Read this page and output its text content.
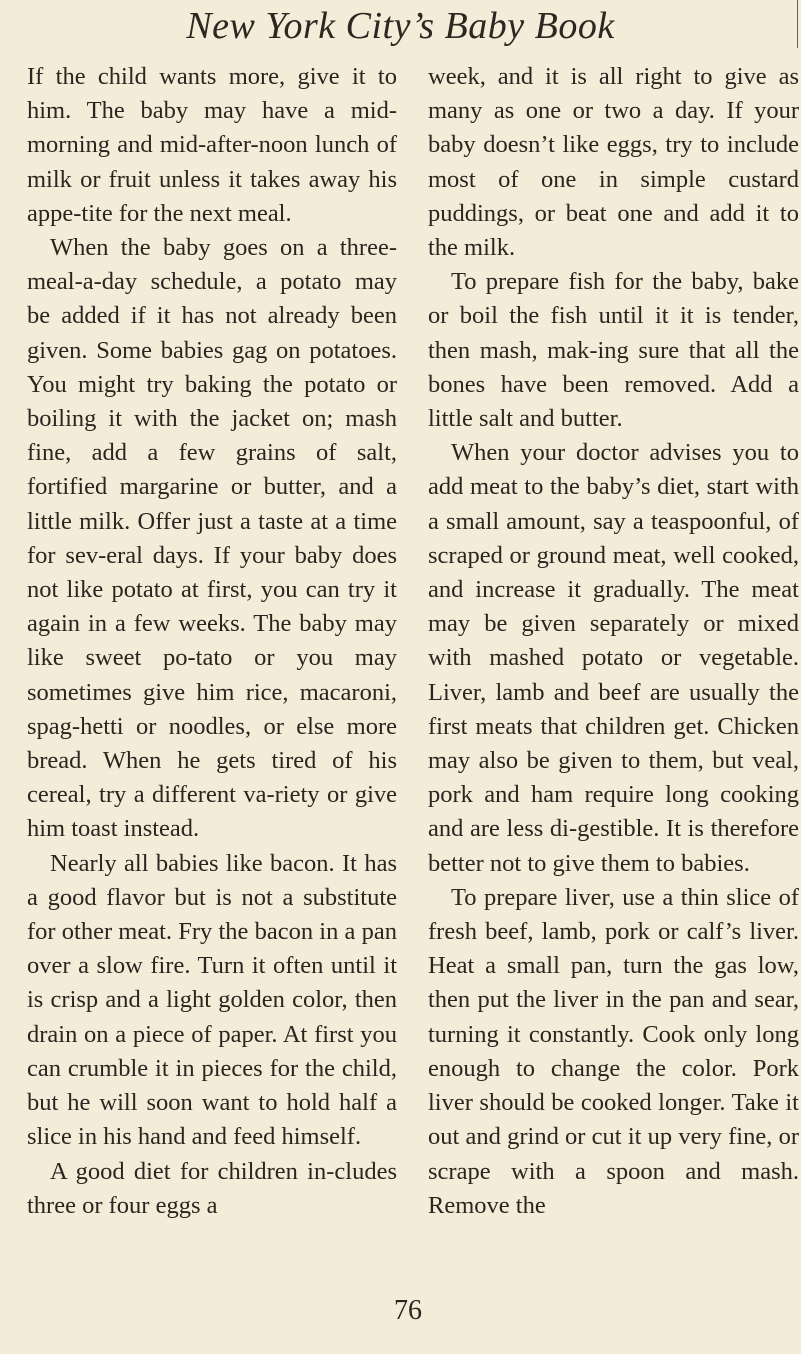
New York City’s Baby Book

If the child wants more, give it to him. The baby may have a mid-morning and mid-after-noon lunch of milk or fruit unless it takes away his appe-tite for the next meal.

When the baby goes on a three-meal-a-day schedule, a potato may be added if it has not already been given. Some babies gag on potatoes. You might try baking the potato or boiling it with the jacket on; mash fine, add a few grains of salt, fortified margarine or butter, and a little milk. Offer just a taste at a time for sev-eral days. If your baby does not like potato at first, you can try it again in a few weeks. The baby may like sweet po-tato or you may sometimes give him rice, macaroni, spag-hetti or noodles, or else more bread. When he gets tired of his cereal, try a different va-riety or give him toast instead.

Nearly all babies like bacon. It has a good flavor but is not a substitute for other meat. Fry the bacon in a pan over a slow fire. Turn it often until it is crisp and a light golden color, then drain on a piece of paper. At first you can crumble it in pieces for the child, but he will soon want to hold half a slice in his hand and feed himself.

A good diet for children in-cludes three or four eggs a

week, and it is all right to give as many as one or two a day. If your baby doesn’t like eggs, try to include most of one in simple custard puddings, or beat one and add it to the milk.

To prepare fish for the baby, bake or boil the fish until it it is tender, then mash, mak-ing sure that all the bones have been removed. Add a little salt and butter.

When your doctor advises you to add meat to the baby’s diet, start with a small amount, say a teaspoonful, of scraped or ground meat, well cooked, and increase it gradually. The meat may be given separately or mixed with mashed potato or vegetable. Liver, lamb and beef are usually the first meats that children get. Chicken may also be given to them, but veal, pork and ham require long cooking and are less di-gestible. It is therefore better not to give them to babies.

To prepare liver, use a thin slice of fresh beef, lamb, pork or calf’s liver. Heat a small pan, turn the gas low, then put the liver in the pan and sear, turning it constantly. Cook only long enough to change the color. Pork liver should be cooked longer. Take it out and grind or cut it up very fine, or scrape with a spoon and mash. Remove the

76
